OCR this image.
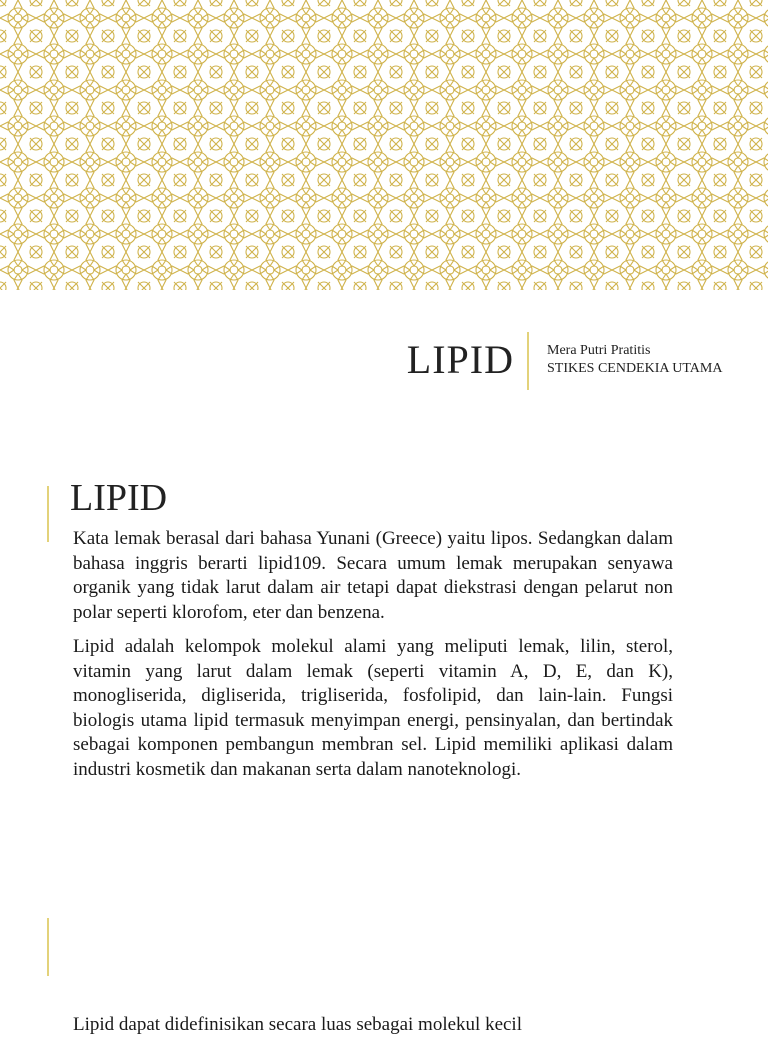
LIPID Mera Putri Pratitis
STIKES CENDEKIA UTAMA
LIPID

Kata lemak berasal dari bahasa Yunani (Greece) yaitu lipos. Sedangkan dalam bahasa inggris berarti lipid109. Secara umum lemak merupakan senyawa organik yang tidak larut dalam air tetapi dapat diekstrasi dengan pelarut non polar seperti klorofom, eter dan benzena.

Lipid adalah kelompok molekul alami yang meliputi lemak, lilin, sterol, vitamin yang larut dalam lemak (seperti vitamin A, D, E, dan K), monogliserida, digliserida, trigliserida, fosfolipid, dan lain-lain. Fungsi biologis utama lipid termasuk menyimpan energi, pensinyalan, dan bertindak sebagai komponen pembangun membran sel. Lipid memiliki aplikasi dalam industri kosmetik dan makanan serta dalam nanoteknologi.

Lipid dapat didefinisikan secara luas sebagai molekul kecil
